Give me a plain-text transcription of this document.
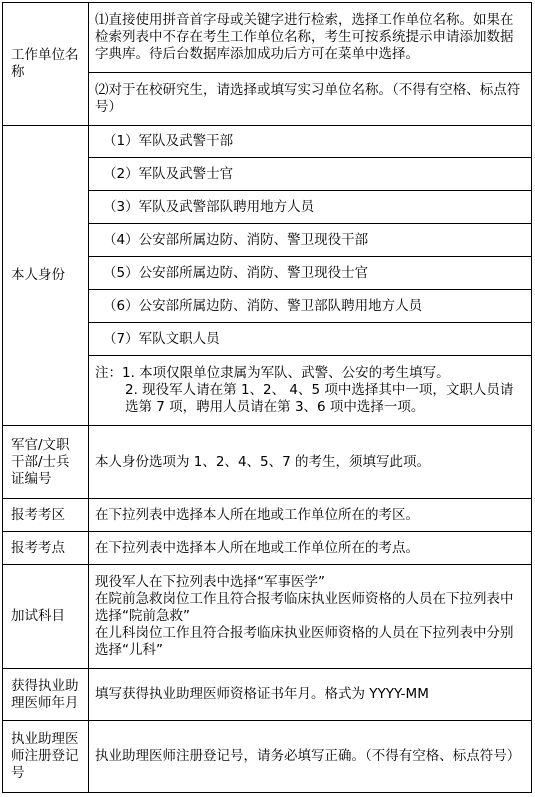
工作单位名称	⑴直接使用拼音首字母或关键字进行检索，选择工作单位名称。如果在检索列表中不存在考生工作单位名称，考生可按系统提示申请添加数据字典库。待后台数据库添加成功后方可在菜单中选择。
	⑵对于在校研究生，请选择或填写实习单位名称。（不得有空格、标点符号）
本人身份	（1）军队及武警干部
	（2）军队及武警士官
	（3）军队及武警部队聘用地方人员
	（4）公安部所属边防、消防、警卫现役干部
	（5）公安部所属边防、消防、警卫现役士官
	（6）公安部所属边防、消防、警卫部队聘用地方人员
	（7）军队文职人员

	注：1. 本项仅限单位隶属为军队、武警、公安的考生填写。
2. 现役军人请在第 1、2、 4、5 项中选择其中一项，文职人员请选第 7 项，聘用人员请在第 3、6 项中选择一项。

军官/文职干部/士兵证编号	本人身份选项为 1、2、4、5、7 的考生，须填写此项。
报考考区	在下拉列表中选择本人所在地或工作单位所在的考区。
报考考点	在下拉列表中选择本人所在地或工作单位所在的考点。
加试科目	现役军人在下拉列表中选择“军事医学”
在院前急救岗位工作且符合报考临床执业医师资格的人员在下拉列表中选择“院前急救”
在儿科岗位工作且符合报考临床执业医师资格的人员在下拉列表中分别选择“儿科”

获得执业助理医师年月	填写获得执业助理医师资格证书年月。格式为 YYYY-MM
执业助理医师注册登记号	执业助理医师注册登记号，请务必填写正确。（不得有空格、标点符号）
